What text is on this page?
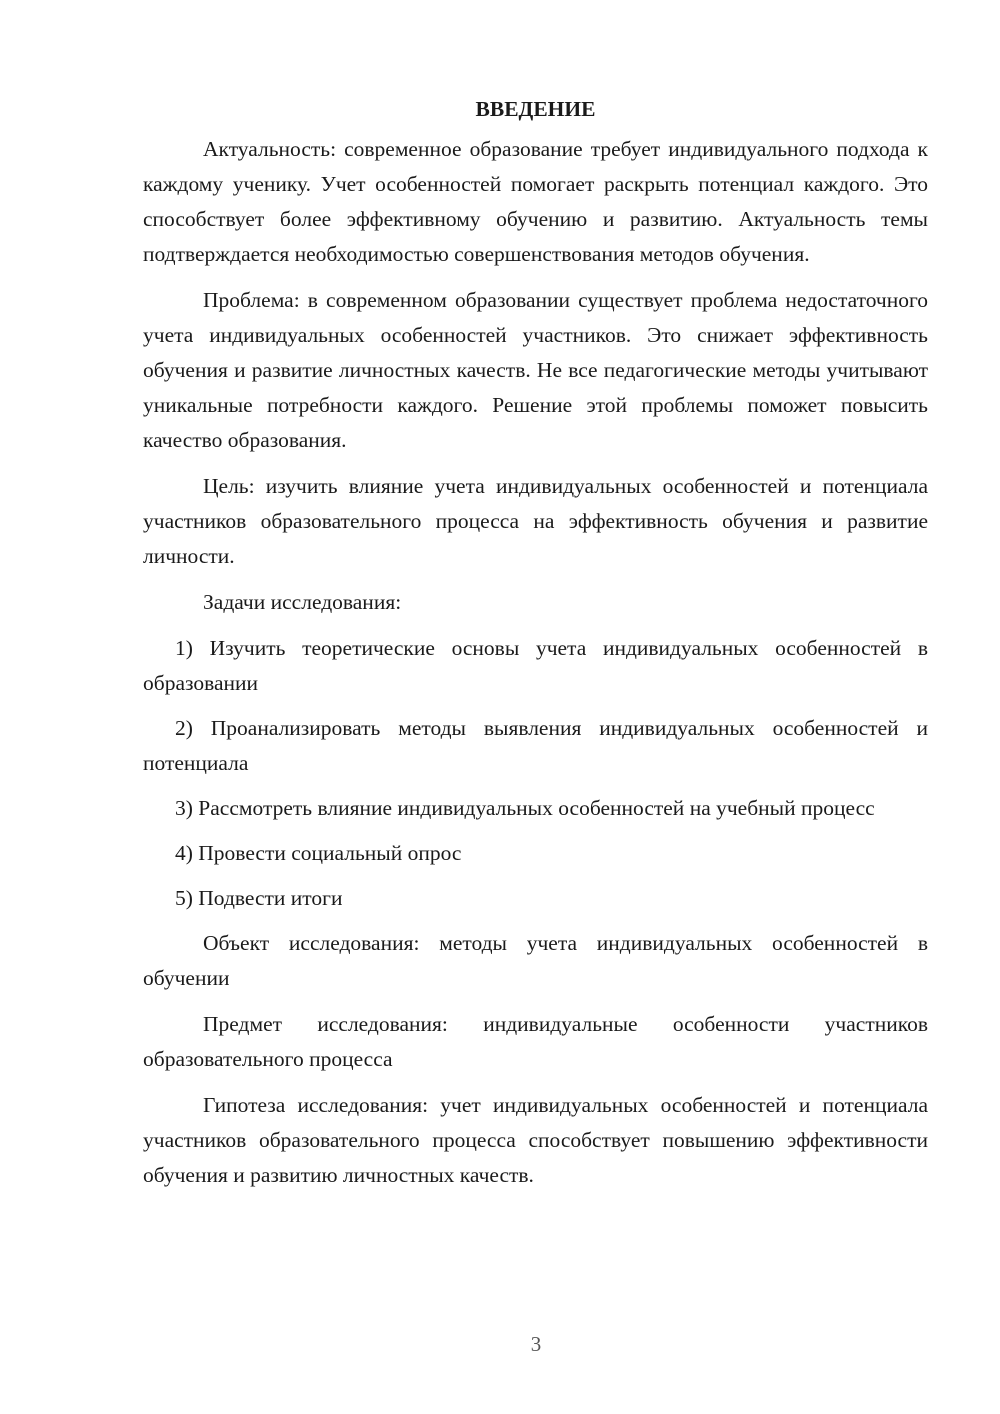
ВВЕДЕНИЕ

Актуальность: современное образование требует индивидуального подхода к каждому ученику. Учет особенностей помогает раскрыть потенциал каждого. Это способствует более эффективному обучению и развитию. Актуальность темы подтверждается необходимостью совершенствования методов обучения.

Проблема: в современном образовании существует проблема недостаточного учета индивидуальных особенностей участников. Это снижает эффективность обучения и развитие личностных качеств. Не все педагогические методы учитывают уникальные потребности каждого. Решение этой проблемы поможет повысить качество образования.

Цель: изучить влияние учета индивидуальных особенностей и потенциала участников образовательного процесса на эффективность обучения и развитие личности.

Задачи исследования:

1) Изучить теоретические основы учета индивидуальных особенностей в образовании

2) Проанализировать методы выявления индивидуальных особенностей и потенциала

3) Рассмотреть влияние индивидуальных особенностей на учебный процесс

4) Провести социальный опрос

5) Подвести итоги

Объект исследования: методы учета индивидуальных особенностей в обучении

Предмет исследования: индивидуальные особенности участников образовательного процесса

Гипотеза исследования: учет индивидуальных особенностей и потенциала участников образовательного процесса способствует повышению эффективности обучения и развитию личностных качеств.

3
